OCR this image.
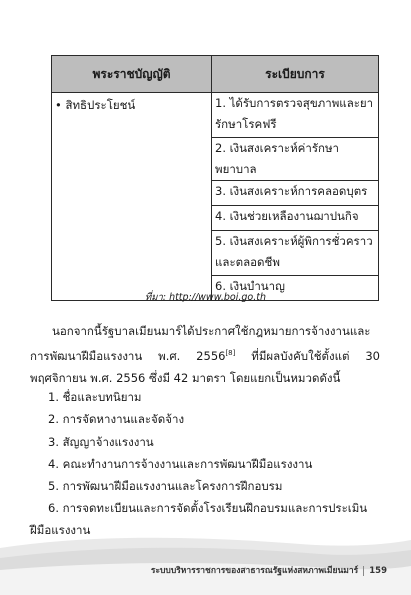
พระราชบัญญัติ	ระเบียบการ
• สิทธิประโยชน์	1. ได้รับการตรวจสุขภาพและยารักษาโรคฟรี
	2. เงินสงเคราะห์ค่ารักษาพยาบาล
	3. เงินสงเคราะห์การคลอดบุตร
	4. เงินช่วยเหลืองานฌาปนกิจ
	5. เงินสงเคราะห์ผู้พิการชั่วคราวและตลอดชีพ
	6. เงินบำนาญ
ที่มา: http://www.boi.go.th
นอกจากนี้รัฐบาลเมียนมาร์ได้ประกาศใช้กฎหมายการจ้างงานและการพัฒนาฝีมือแรงงาน พ.ศ. 2556[8] ที่มีผลบังคับใช้ตั้งแต่ 30 พฤศจิกายน พ.ศ. 2556 ซึ่งมี 42 มาตรา โดยแยกเป็นหมวดดังนี้
1. ชื่อและบทนิยาม
2. การจัดหางานและจัดจ้าง
3. สัญญาจ้างแรงงาน
4. คณะทำงานการจ้างงานและการพัฒนาฝีมือแรงงาน
5. การพัฒนาฝีมือแรงงานและโครงการฝึกอบรม
6. การจดทะเบียนและการจัดตั้งโรงเรียนฝึกอบรมและการประเมินฝีมือแรงงาน
ระบบบริหารราชการของสาธารณรัฐแห่งสหภาพเมียนมาร์ 159
